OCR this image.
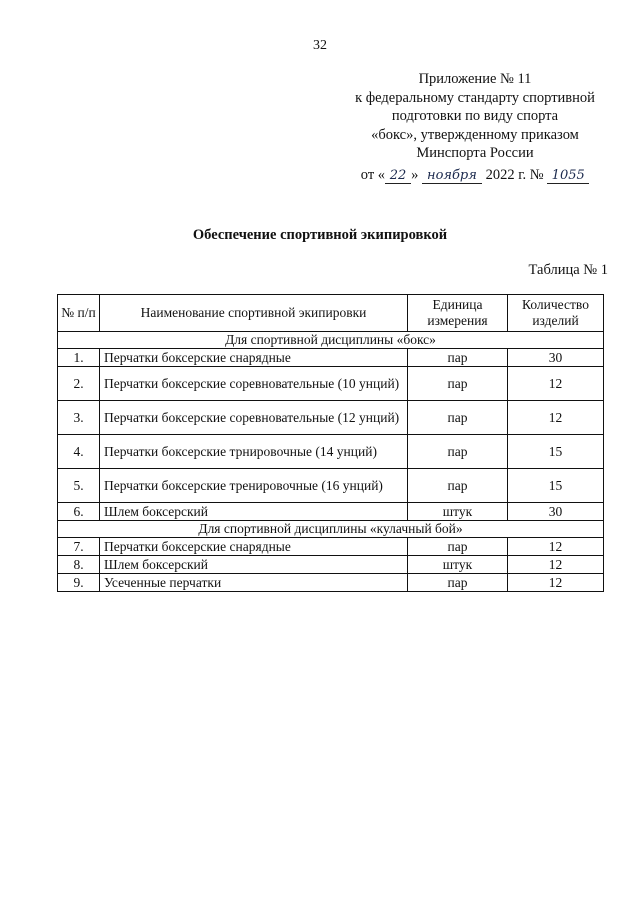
32
Приложение № 11
к федеральному стандарту спортивной
подготовки по виду спорта
«бокс», утвержденному приказом
Минспорта России
от « 22 » ноября 2022 г. № 1055
Обеспечение спортивной экипировкой
Таблица № 1
№ п/п	Наименование спортивной экипировки	Единица измерения	Количество изделий
Для спортивной дисциплины «бокс»			
1.	Перчатки боксерские снарядные	пар	30
2.	Перчатки боксерские соревновательные (10 унций)	пар	12
3.	Перчатки боксерские соревновательные (12 унций)	пар	12
4.	Перчатки боксерские трнировочные (14 унций)	пар	15
5.	Перчатки боксерские тренировочные (16 унций)	пар	15
6.	Шлем боксерский	штук	30
Для спортивной дисциплины «кулачный бой»			
7.	Перчатки боксерские снарядные	пар	12
8.	Шлем боксерский	штук	12
9.	Усеченные перчатки	пар	12
